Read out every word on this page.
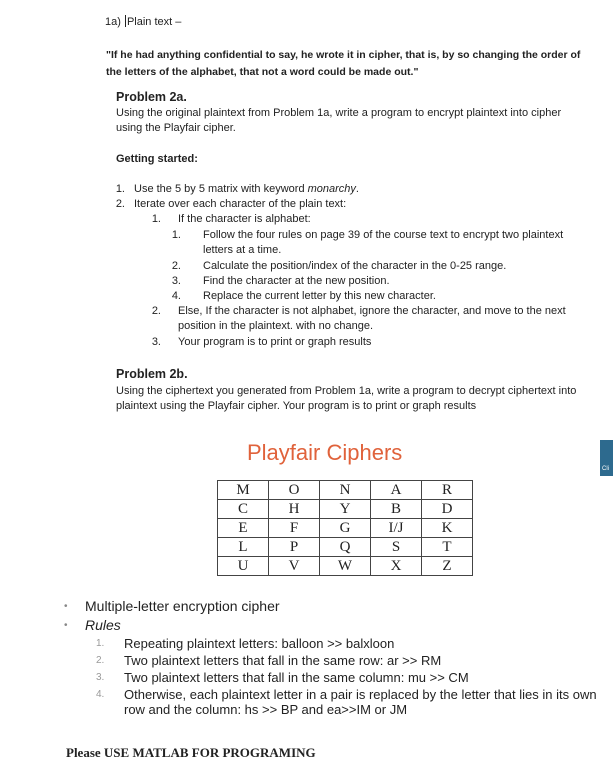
1a) Plain text –
"If he had anything confidential to say, he wrote it in cipher, that is, by so changing the order of the letters of the alphabet, that not a word could be made out."
Problem 2a.
Using the original plaintext from Problem 1a, write a program to encrypt plaintext into cipher using the Playfair cipher.
Getting started:
1. Use the 5 by 5 matrix with keyword monarchy.
2. Iterate over each character of the plain text:
1. If the character is alphabet:
1. Follow the four rules on page 39 of the course text to encrypt two plaintext letters at a time.
2. Calculate the position/index of the character in the 0-25 range.
3. Find the character at the new position.
4. Replace the current letter by this new character.
2. Else, If the character is not alphabet, ignore the character, and move to the next position in the plaintext. with no change.
3. Your program is to print or graph results
Problem 2b.
Using the ciphertext you generated from Problem 1a, write a program to decrypt ciphertext into plaintext using the Playfair cipher. Your program is to print or graph results
Playfair Ciphers
M	O	N	A	R
C	H	Y	B	D
E	F	G	I/J	K
L	P	Q	S	T
U	V	W	X	Z
• Multiple-letter encryption cipher
• Rules
1. Repeating plaintext letters: balloon >> balxloon
2. Two plaintext letters that fall in the same row: ar >> RM
3. Two plaintext letters that fall in the same column: mu >> CM
4. Otherwise, each plaintext letter in a pair is replaced by the letter that lies in its own row and the column: hs >> BP and ea>>IM or JM
Please USE MATLAB FOR PROGRAMING
Cli
